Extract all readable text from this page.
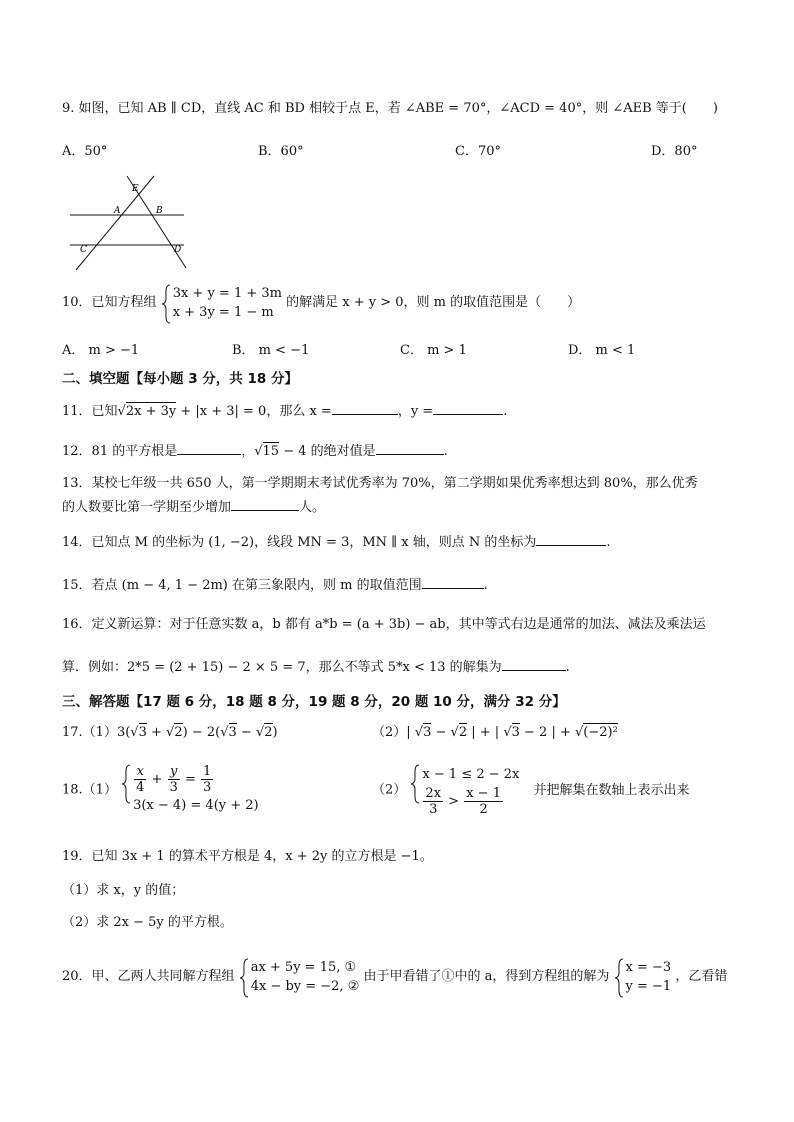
9. 如图，已知 AB ∥ CD，直线 AC 和 BD 相较于点 E，若 ∠ABE = 70°，∠ACD = 40°，则 ∠AEB 等于(　　)
A．50°	B．60°	C．70°	D．80°
E
A	B
C	D
10．已知方程组
3x + y = 1 + 3m
x + 3y = 1 − m
的解满足 x + y > 0，则 m 的取值范围是（　　）
A． m > −1	B． m < −1	C． m > 1	D． m < 1
二、填空题【每小题 3 分，共 18 分】
11．已知√2x + 3y + |x + 3| = 0，那么 x =	，y =	.
12．81 的平方根是	，√15 − 4 的绝对值是	.
13．某校七年级一共 650 人，第一学期期末考试优秀率为 70%，第二学期如果优秀率想达到 80%，那么优秀
的人数要比第一学期至少增加	人。
14．已知点 M 的坐标为 (1, −2)，线段 MN = 3，MN ∥ x 轴，则点 N 的坐标为	.
15．若点 (m − 4, 1 − 2m) 在第三象限内，则 m 的取值范围	.
16．定义新运算：对于任意实数 a，b 都有 a*b = (a + 3b) − ab，其中等式右边是通常的加法、减法及乘法运
算．例如：2*5 = (2 + 15) − 2 × 5 = 7，那么不等式 5*x < 13 的解集为	.
三、解答题【17 题 6 分，18 题 8 分，19 题 8 分，20 题 10 分，满分 32 分】
17.（1）3(√3 + √2) − 2(√3 − √2)	（2）| √3 − √2 | + | √3 − 2 | + √(−2)²
$18.(1) \frac{x}{4} + \frac{y}{3} = \frac{1}{3}$
3(x − 4) = 4(y + 2)
（2）
x − 1 ≤ 2 − 2x
$\frac{2x}{3} > \frac{x - 1}{2}$ 并把解集在数轴上表示出来
19．已知 3x + 1 的算术平方根是 4，x + 2y 的立方根是 −1。
（1）求 x，y 的值；
（2）求 2x − 5y 的平方根。
20．甲、乙两人共同解方程组
ax + 5y = 15, ①
4x − by = −2, ②
由于甲看错了①中的 a，得到方程组的解为
x = −3
y = −1
，乙看错
